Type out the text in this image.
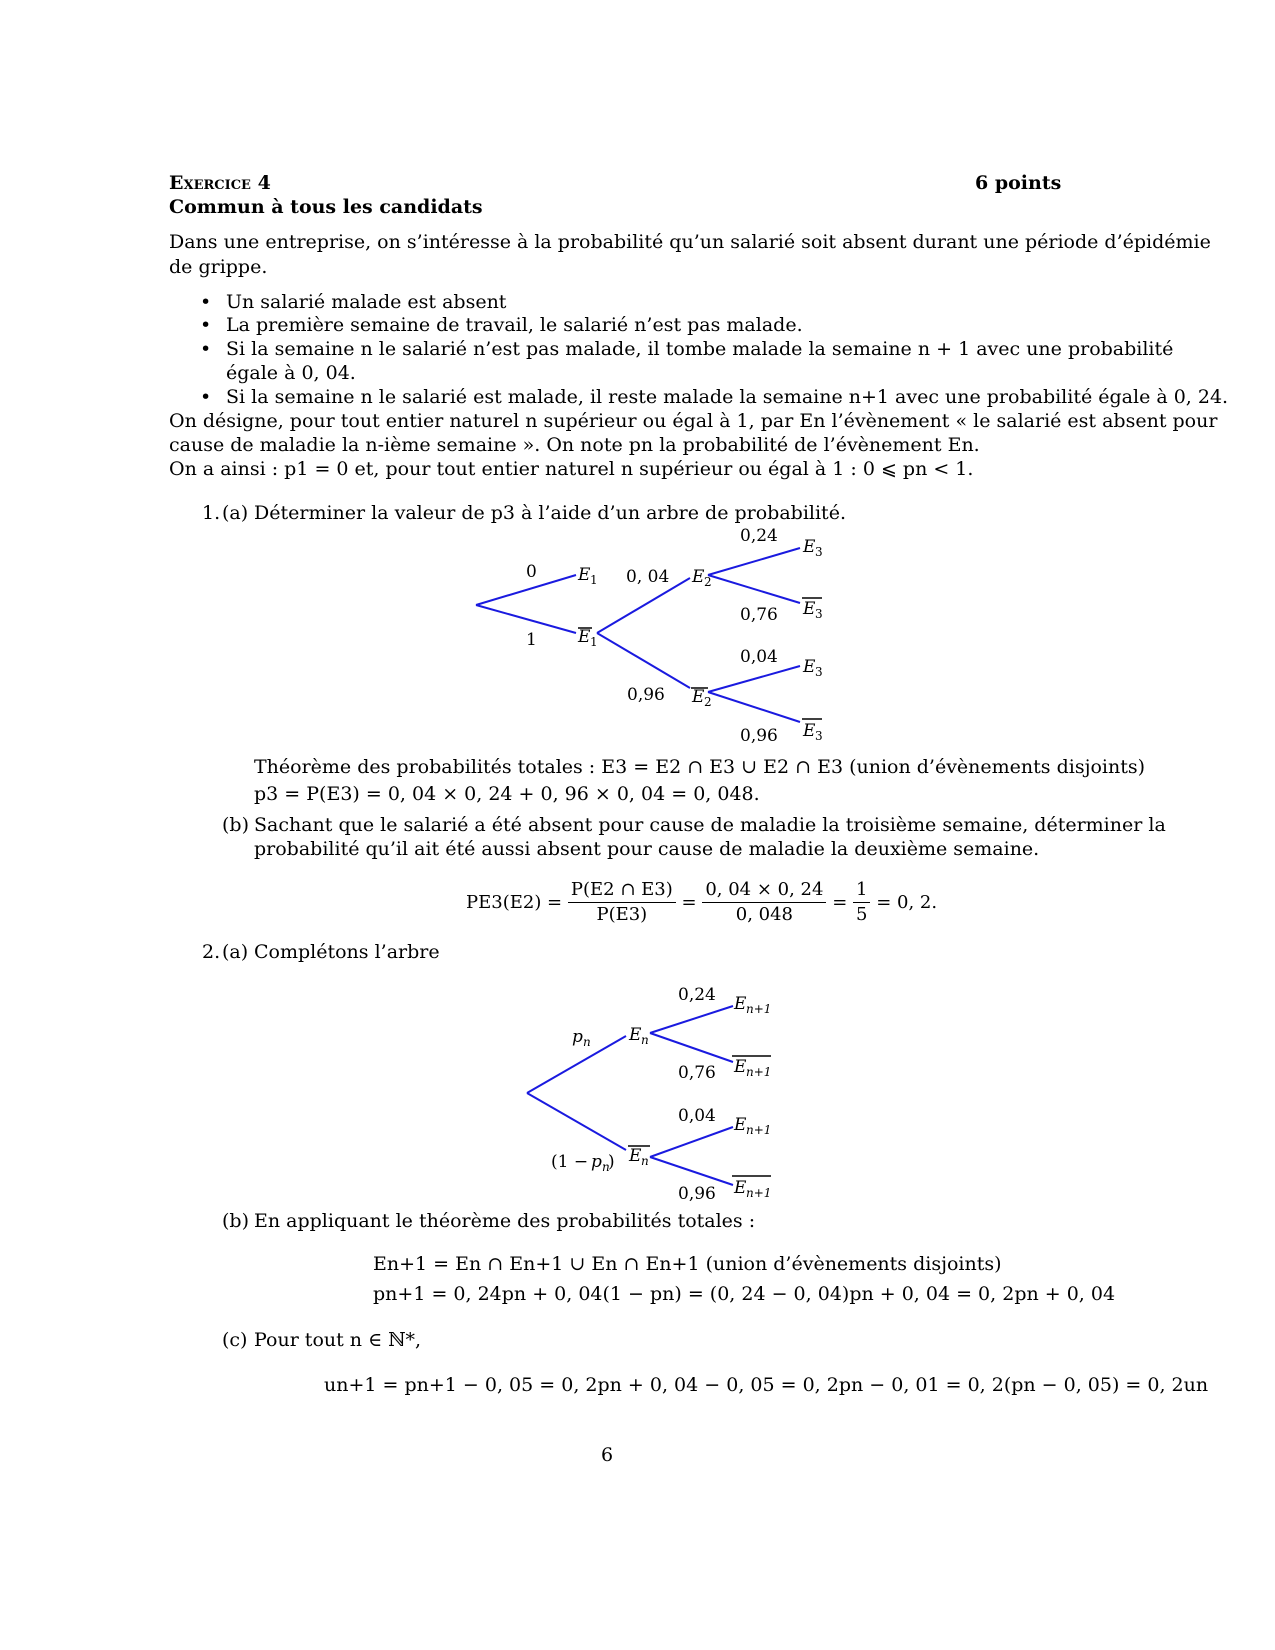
Exercice 4	6 points
Commun à tous les candidats
Dans une entreprise, on s’intéresse à la probabilité qu’un salarié soit absent durant une période d’épidémie
de grippe.
• Un salarié malade est absent
• La première semaine de travail, le salarié n’est pas malade.
• Si la semaine n le salarié n’est pas malade, il tombe malade la semaine n + 1 avec une probabilité
égale à 0, 04.
• Si la semaine n le salarié est malade, il reste malade la semaine n+1 avec une probabilité égale à 0, 24.
On désigne, pour tout entier naturel n supérieur ou égal à 1, par En l’évènement « le salarié est absent pour
cause de maladie la n-ième semaine ». On note pn la probabilité de l’évènement En.
On a ainsi : p1 = 0 et, pour tout entier naturel n supérieur ou égal à 1 : 0 ⩽ pn < 1.
1. (a) Déterminer la valeur de p3 à l’aide d’un arbre de probabilité.
0
1
0, 04
0,96
0,24
0,76
0,04
0,96
E 1
E 1
E 2
E 2
E 3
E 3
E 3
E 3
p n
(1 − p n
)
0,24
0,76
0,04
0,96
E n
E n
E n+1
E n+1
E n+1
E n+1
Théorème des probabilités totales : E3 = E2 ∩ E3 ∪ E2 ∩ E3 (union d’évènements disjoints)
p3 = P(E3) = 0, 04 × 0, 24 + 0, 96 × 0, 04 = 0, 048.
(b) Sachant que le salarié a été absent pour cause de maladie la troisième semaine, déterminer la
probabilité qu’il ait été aussi absent pour cause de maladie la deuxième semaine.
$PE3(E2) = \frac{P(E2 \cap E3)}{P(E3)} = \frac{0, 04 \times 0, 24}{0, 048} = \frac{1}{5} = 0$, 2.
2. (a) Complétons l’arbre
(b) En appliquant le théorème des probabilités totales :
En+1 = En ∩ En+1 ∪ En ∩ En+1 (union d’évènements disjoints)
pn+1 = 0, 24pn + 0, 04(1 − pn) = (0, 24 − 0, 04)pn + 0, 04 = 0, 2pn + 0, 04
(c) Pour tout n ∈ ℕ*,
un+1 = pn+1 − 0, 05 = 0, 2pn + 0, 04 − 0, 05 = 0, 2pn − 0, 01 = 0, 2(pn − 0, 05) = 0, 2un
6
